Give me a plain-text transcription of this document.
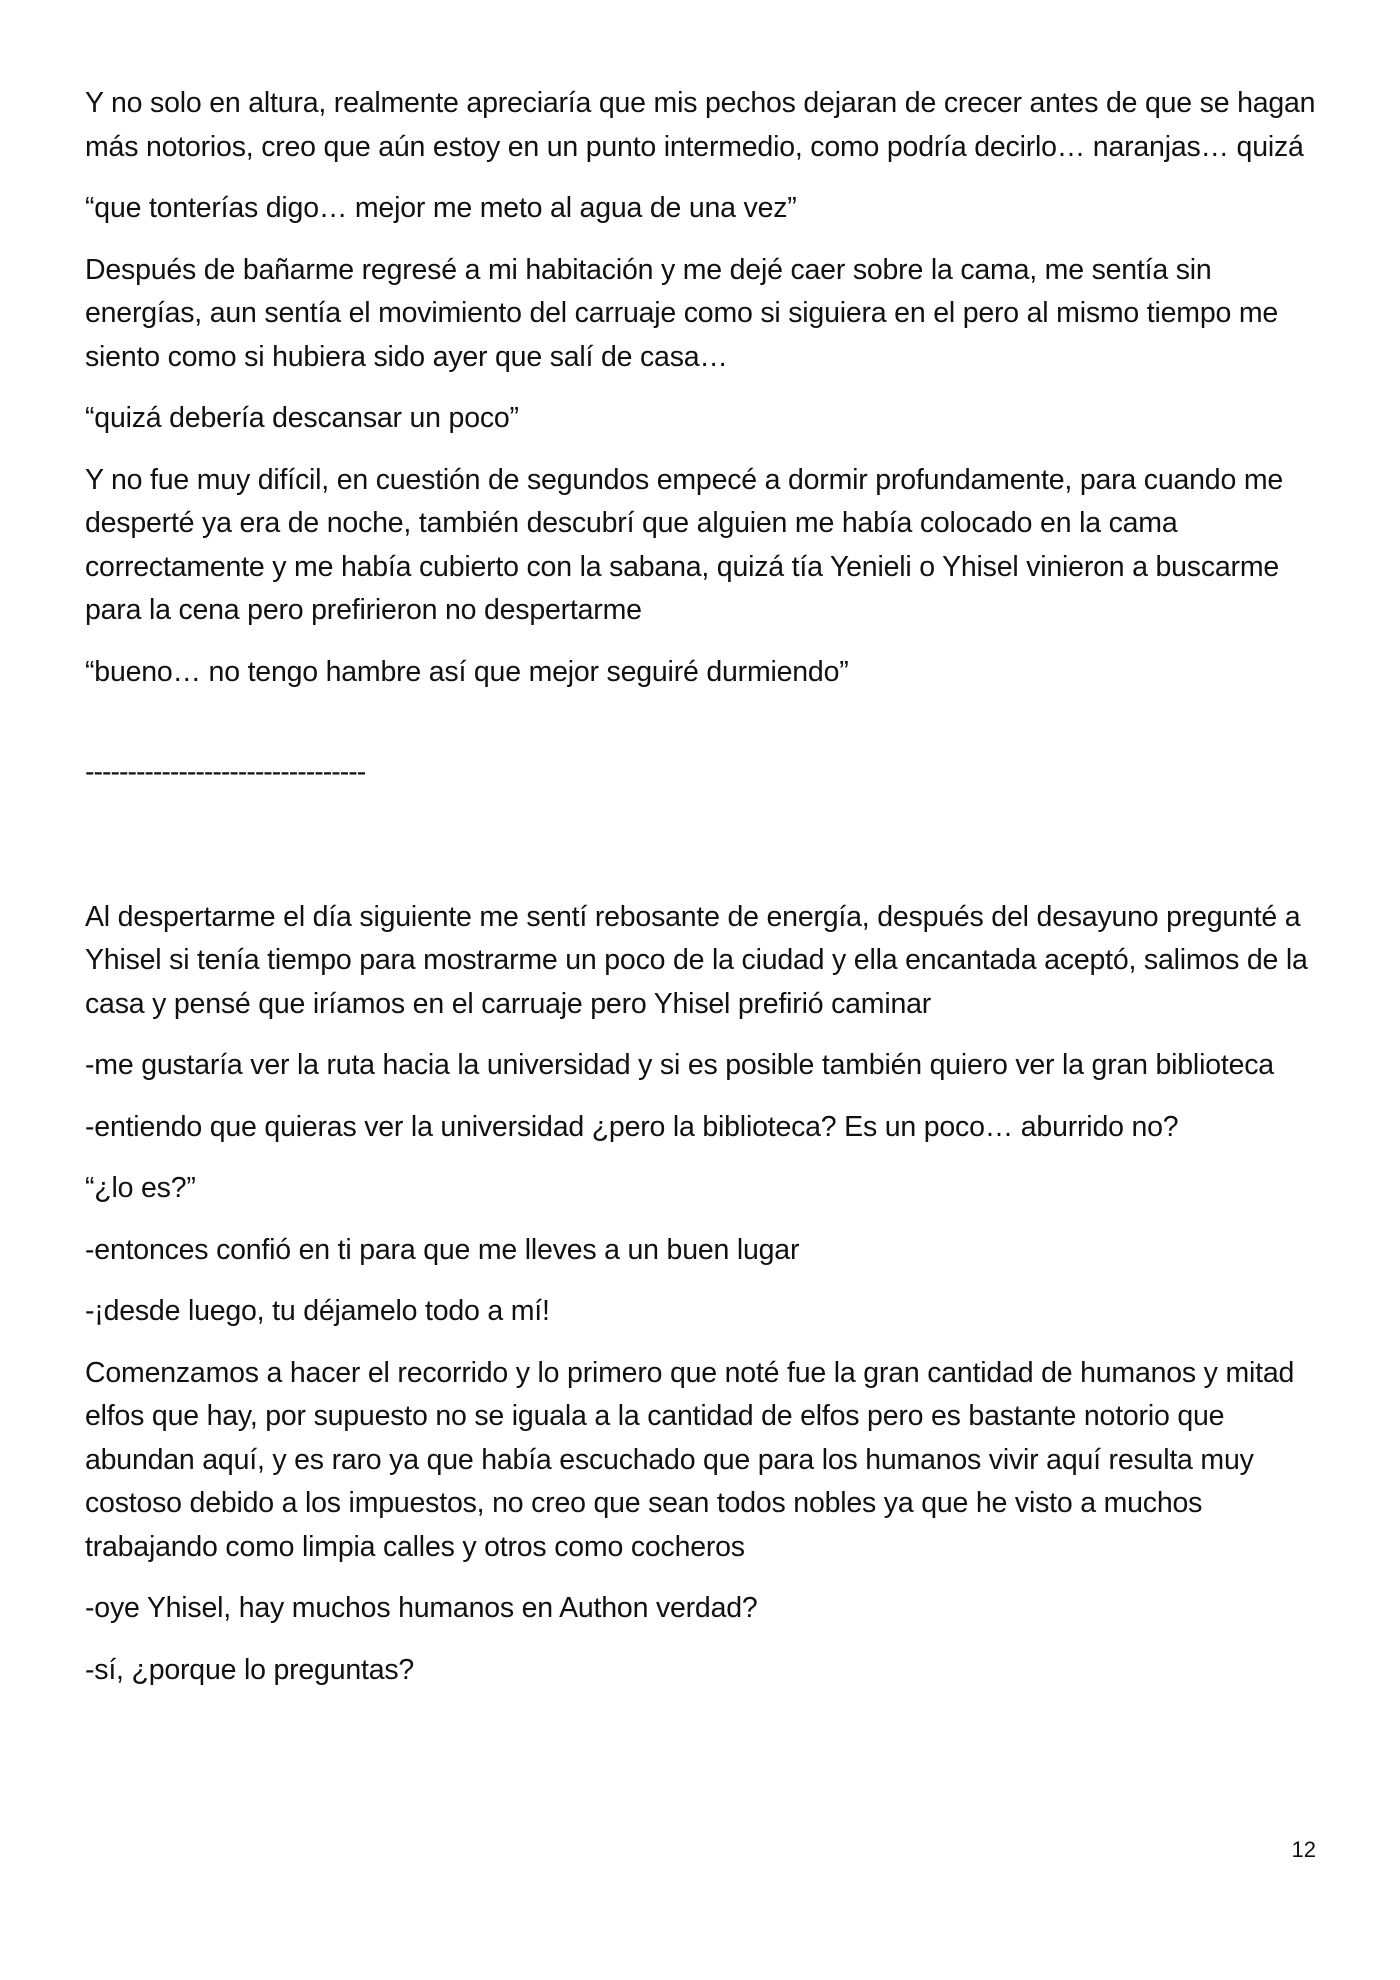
Y no solo en altura, realmente apreciaría que mis pechos dejaran de crecer antes de que se hagan más notorios, creo que aún estoy en un punto intermedio, como podría decirlo… naranjas… quizá

“que tonterías digo… mejor me meto al agua de una vez”

Después de bañarme regresé a mi habitación y me dejé caer sobre la cama, me sentía sin energías, aun sentía el movimiento del carruaje como si siguiera en el pero al mismo tiempo me siento como si hubiera sido ayer que salí de casa…

“quizá debería descansar un poco”

Y no fue muy difícil, en cuestión de segundos empecé a dormir profundamente, para cuando me desperté ya era de noche, también descubrí que alguien me había colocado en la cama correctamente y me había cubierto con la sabana, quizá tía Yenieli o Yhisel vinieron a buscarme para la cena pero prefirieron no despertarme

“bueno… no tengo hambre así que mejor seguiré durmiendo”

---------------------------------

Al despertarme el día siguiente me sentí rebosante de energía, después del desayuno pregunté a Yhisel si tenía tiempo para mostrarme un poco de la ciudad y ella encantada aceptó, salimos de la casa y pensé que iríamos en el carruaje pero Yhisel prefirió caminar

-me gustaría ver la ruta hacia la universidad y si es posible también quiero ver la gran biblioteca

-entiendo que quieras ver la universidad ¿pero la biblioteca? Es un poco… aburrido no?

“¿lo es?”

-entonces confió en ti para que me lleves a un buen lugar

-¡desde luego, tu déjamelo todo a mí!

Comenzamos a hacer el recorrido y lo primero que noté fue la gran cantidad de humanos y mitad elfos que hay, por supuesto no se iguala a la cantidad de elfos pero es bastante notorio que abundan aquí, y es raro ya que había escuchado que para los humanos vivir aquí resulta muy costoso debido a los impuestos, no creo que sean todos nobles ya que he visto a muchos trabajando como limpia calles y otros como cocheros

-oye Yhisel, hay muchos humanos en Authon verdad?

-sí, ¿porque lo preguntas?

12
